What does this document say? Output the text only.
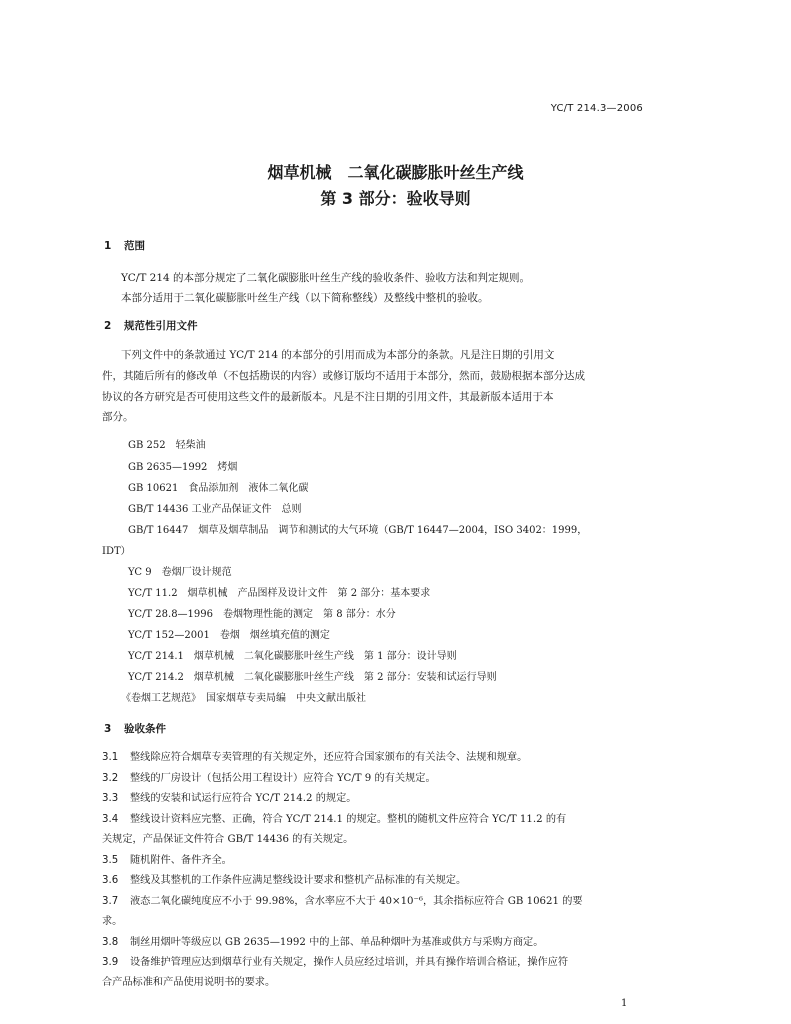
YC/T 214.3—2006
烟草机械　二氧化碳膨胀叶丝生产线
第 3 部分：验收导则
1 范围
YC/T 214 的本部分规定了二氧化碳膨胀叶丝生产线的验收条件、验收方法和判定规则。
本部分适用于二氧化碳膨胀叶丝生产线（以下简称整线）及整线中整机的验收。
2 规范性引用文件
下列文件中的条款通过 YC/T 214 的本部分的引用而成为本部分的条款。凡是注日期的引用文
件，其随后所有的修改单（不包括勘误的内容）或修订版均不适用于本部分，然而，鼓励根据本部分达成
协议的各方研究是否可使用这些文件的最新版本。凡是不注日期的引用文件，其最新版本适用于本
部分。
GB 252　轻柴油
GB 2635—1992　烤烟
GB 10621　食品添加剂　液体二氧化碳
GB/T 14436 工业产品保证文件　总则
GB/T 16447　烟草及烟草制品　调节和测试的大气环境（GB/T 16447—2004，ISO 3402：1999，
IDT）
YC 9　卷烟厂设计规范
YC/T 11.2　烟草机械　产品图样及设计文件　第 2 部分：基本要求
YC/T 28.8—1996　卷烟物理性能的测定　第 8 部分：水分
YC/T 152—2001　卷烟　烟丝填充值的测定
YC/T 214.1　烟草机械　二氧化碳膨胀叶丝生产线　第 1 部分：设计导则
YC/T 214.2　烟草机械　二氧化碳膨胀叶丝生产线　第 2 部分：安装和试运行导则
《卷烟工艺规范》　国家烟草专卖局编　中央文献出版社
3 验收条件
3.1 整线除应符合烟草专卖管理的有关规定外，还应符合国家颁布的有关法令、法规和规章。
3.2 整线的厂房设计（包括公用工程设计）应符合 YC/T 9 的有关规定。
3.3 整线的安装和试运行应符合 YC/T 214.2 的规定。
3.4 整线设计资料应完整、正确，符合 YC/T 214.1 的规定。整机的随机文件应符合 YC/T 11.2 的有
关规定，产品保证文件符合 GB/T 14436 的有关规定。
3.5 随机附件、备件齐全。
3.6 整线及其整机的工作条件应满足整线设计要求和整机产品标准的有关规定。
3.7 液态二氧化碳纯度应不小于 99.98%，含水率应不大于 40×10⁻⁶，其余指标应符合 GB 10621 的要
求。
3.8 制丝用烟叶等级应以 GB 2635—1992 中的上部、单品种烟叶为基准或供方与采购方商定。
3.9 设备维护管理应达到烟草行业有关规定，操作人员应经过培训，并具有操作培训合格证，操作应符
合产品标准和产品使用说明书的要求。
1
